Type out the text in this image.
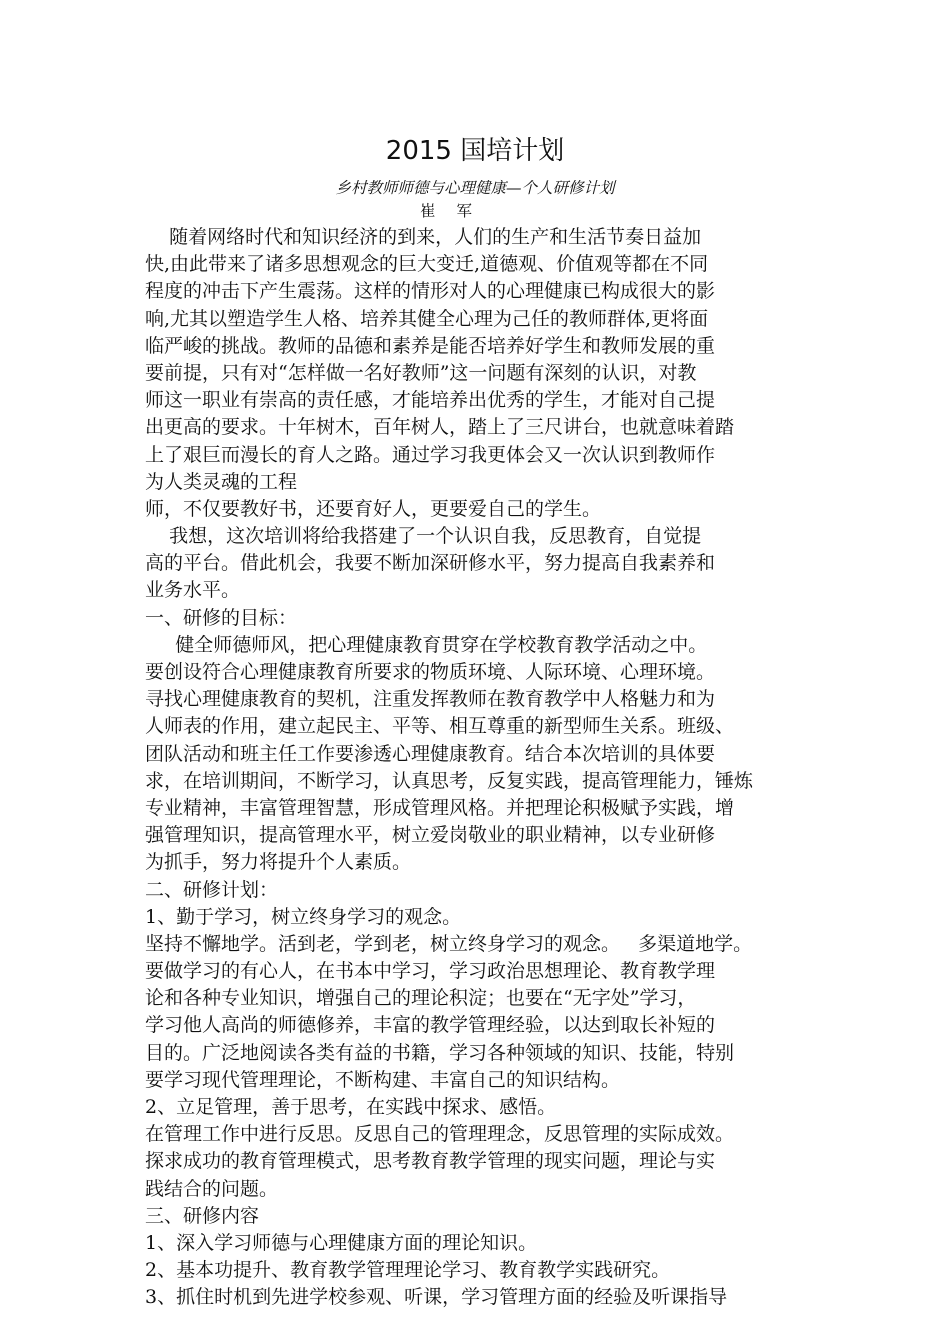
2015 国培计划
乡村教师师德与心理健康—个人研修计划
崔 军
随着网络时代和知识经济的到来，人们的生产和生活节奏日益加
快,由此带来了诸多思想观念的巨大变迁,道德观、价值观等都在不同
程度的冲击下产生震荡。这样的情形对人的心理健康已构成很大的影
响,尤其以塑造学生人格、培养其健全心理为己任的教师群体,更将面
临严峻的挑战。教师的品德和素养是能否培养好学生和教师发展的重
要前提，只有对“怎样做一名好教师”这一问题有深刻的认识，对教
师这一职业有崇高的责任感，才能培养出优秀的学生，才能对自己提
出更高的要求。十年树木，百年树人，踏上了三尺讲台，也就意味着踏
上了艰巨而漫长的育人之路。通过学习我更体会又一次认识到教师作
为人类灵魂的工程
师，不仅要教好书，还要育好人，更要爱自己的学生。
我想，这次培训将给我搭建了一个认识自我，反思教育，自觉提
高的平台。借此机会，我要不断加深研修水平，努力提高自我素养和
业务水平。
一、研修的目标：
健全师德师风，把心理健康教育贯穿在学校教育教学活动之中。
要创设符合心理健康教育所要求的物质环境、人际环境、心理环境。
寻找心理健康教育的契机，注重发挥教师在教育教学中人格魅力和为
人师表的作用，建立起民主、平等、相互尊重的新型师生关系。班级、
团队活动和班主任工作要渗透心理健康教育。结合本次培训的具体要
求，在培训期间，不断学习，认真思考，反复实践，提高管理能力，锤炼
专业精神，丰富管理智慧，形成管理风格。并把理论积极赋予实践，增
强管理知识，提高管理水平，树立爱岗敬业的职业精神，以专业研修
为抓手，努力将提升个人素质。
二、研修计划：
1、勤于学习，树立终身学习的观念。
坚持不懈地学。活到老，学到老，树立终身学习的观念。   多渠道地学。
要做学习的有心人，在书本中学习，学习政治思想理论、教育教学理
论和各种专业知识，增强自己的理论积淀；也要在“无字处”学习，
学习他人高尚的师德修养，丰富的教学管理经验，以达到取长补短的
目的。广泛地阅读各类有益的书籍，学习各种领域的知识、技能，特别
要学习现代管理理论，不断构建、丰富自己的知识结构。
2、立足管理，善于思考，在实践中探求、感悟。
在管理工作中进行反思。反思自己的管理理念，反思管理的实际成效。
探求成功的教育管理模式，思考教育教学管理的现实问题，理论与实
践结合的问题。
三、研修内容
1、深入学习师德与心理健康方面的理论知识。
2、基本功提升、教育教学管理理论学习、教育教学实践研究。
3、抓住时机到先进学校参观、听课，学习管理方面的经验及听课指导
